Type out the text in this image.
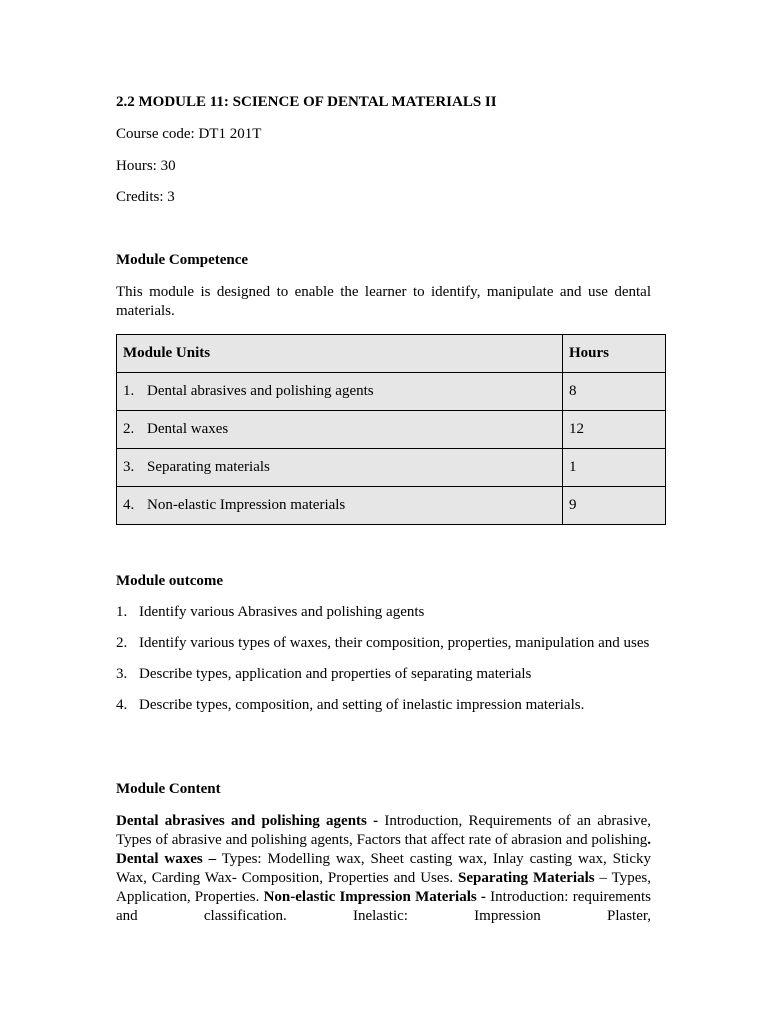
2.2 MODULE 11: SCIENCE OF DENTAL MATERIALS II

Course code: DT1 201T

Hours: 30

Credits: 3

Module Competence

This module is designed to enable the learner to identify, manipulate and use dental materials.

Module Units	Hours
1. Dental abrasives and polishing agents	8
2. Dental waxes	12
3. Separating materials	1
4. Non-elastic Impression materials	9

Module outcome

1. Identify various Abrasives and polishing agents
2. Identify various types of waxes, their composition, properties, manipulation and uses
3. Describe types, application and properties of separating materials
4. Describe types, composition, and setting of inelastic impression materials.

Module Content

Dental abrasives and polishing agents - Introduction, Requirements of an abrasive, Types of abrasive and polishing agents, Factors that affect rate of abrasion and polishing. Dental waxes – Types: Modelling wax, Sheet casting wax, Inlay casting wax, Sticky Wax, Carding Wax- Composition, Properties and Uses. Separating Materials – Types, Application, Properties. Non-elastic Impression Materials - Introduction: requirements and classification. Inelastic: Impression Plaster,
